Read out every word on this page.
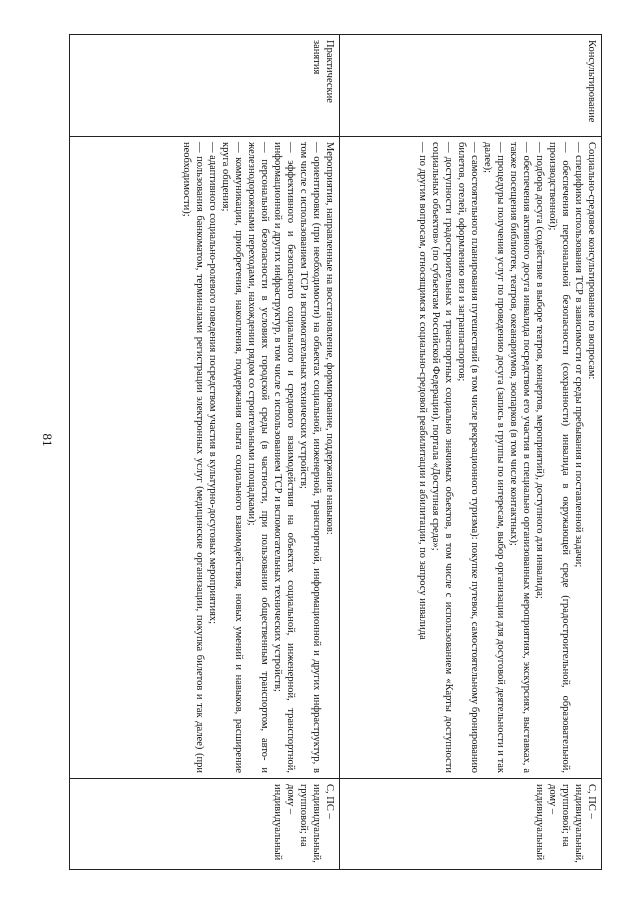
81
Консультирование
Социально-средовое консультирование по вопросам:
— специфики использования ТСР в зависимости от среды пребывания и поставленной задачи;
— обеспечения персональной безопасности (сохранности) инвалида в окружающей среде (градостроительной, образовательной, производственной);
— подбора досуга (содействие в выборе театров, концертов, мероприятий), доступного для инвалида;
— обеспечения активного досуга инвалида посредством его участия в специально организованных мероприятиях, экскурсиях, выставках, а также посещения библиотек, театров, океанариумов, зоопарков (в том числе контактных);
— процедуры получения услуг по проведению досуга (запись в группы по интересам, выбор организации для досуговой деятельности и так далее);
— самостоятельного планирования путешествий (в том числе рекреационного туризма): покупке путевок, самостоятельному бронированию билетов, отелей, оформлению виз и загранпаспортов;
— доступности градостроительных и транспортных социально значимых объектов, в том числе с использованием «Карты доступности социальных объектов» (по субъектам Российской Федерации), портала «Доступная среда»;
— по другим вопросам, относящимся к социально-средовой реабилитации и абилитации, по запросу инвалида
С, ПС – индивидуальный, групповой; на дому – индивидуальный
Практические занятия
Мероприятия, направленные на восстановление, формирование, поддержание навыков:
— ориентировки (при необходимости) на объектах социальной, инженерной, транспортной, информационной и других инфраструктур, в том числе с использованием ТСР и вспомогательных технических устройств;
— эффективного и безопасного социального и средового взаимодействия на объектах социальной, инженерной, транспортной, информационной и других инфраструктур, в том числе с использованием ТСР и вспомогательных технических устройств;
— персональной безопасности в условиях городской среды (в частности, при пользовании общественным транспортом, авто- и железнодорожными переходами, нахождении рядом со строительными площадками);
— коммуникации, приобретения, накопления, поддержания опыта социального взаимодействия, новых умений и навыков, расширение круга общения;
— адаптивного социально-ролевого поведения посредством участия в культурно-досуговых мероприятиях;
— пользования банкоматом, терминалами регистрации электронных услуг (медицинские организации, покупка билетов и так далее) (при необходимости);
С, ПС – индивидуальный, групповой; на дому – индивидуальный
